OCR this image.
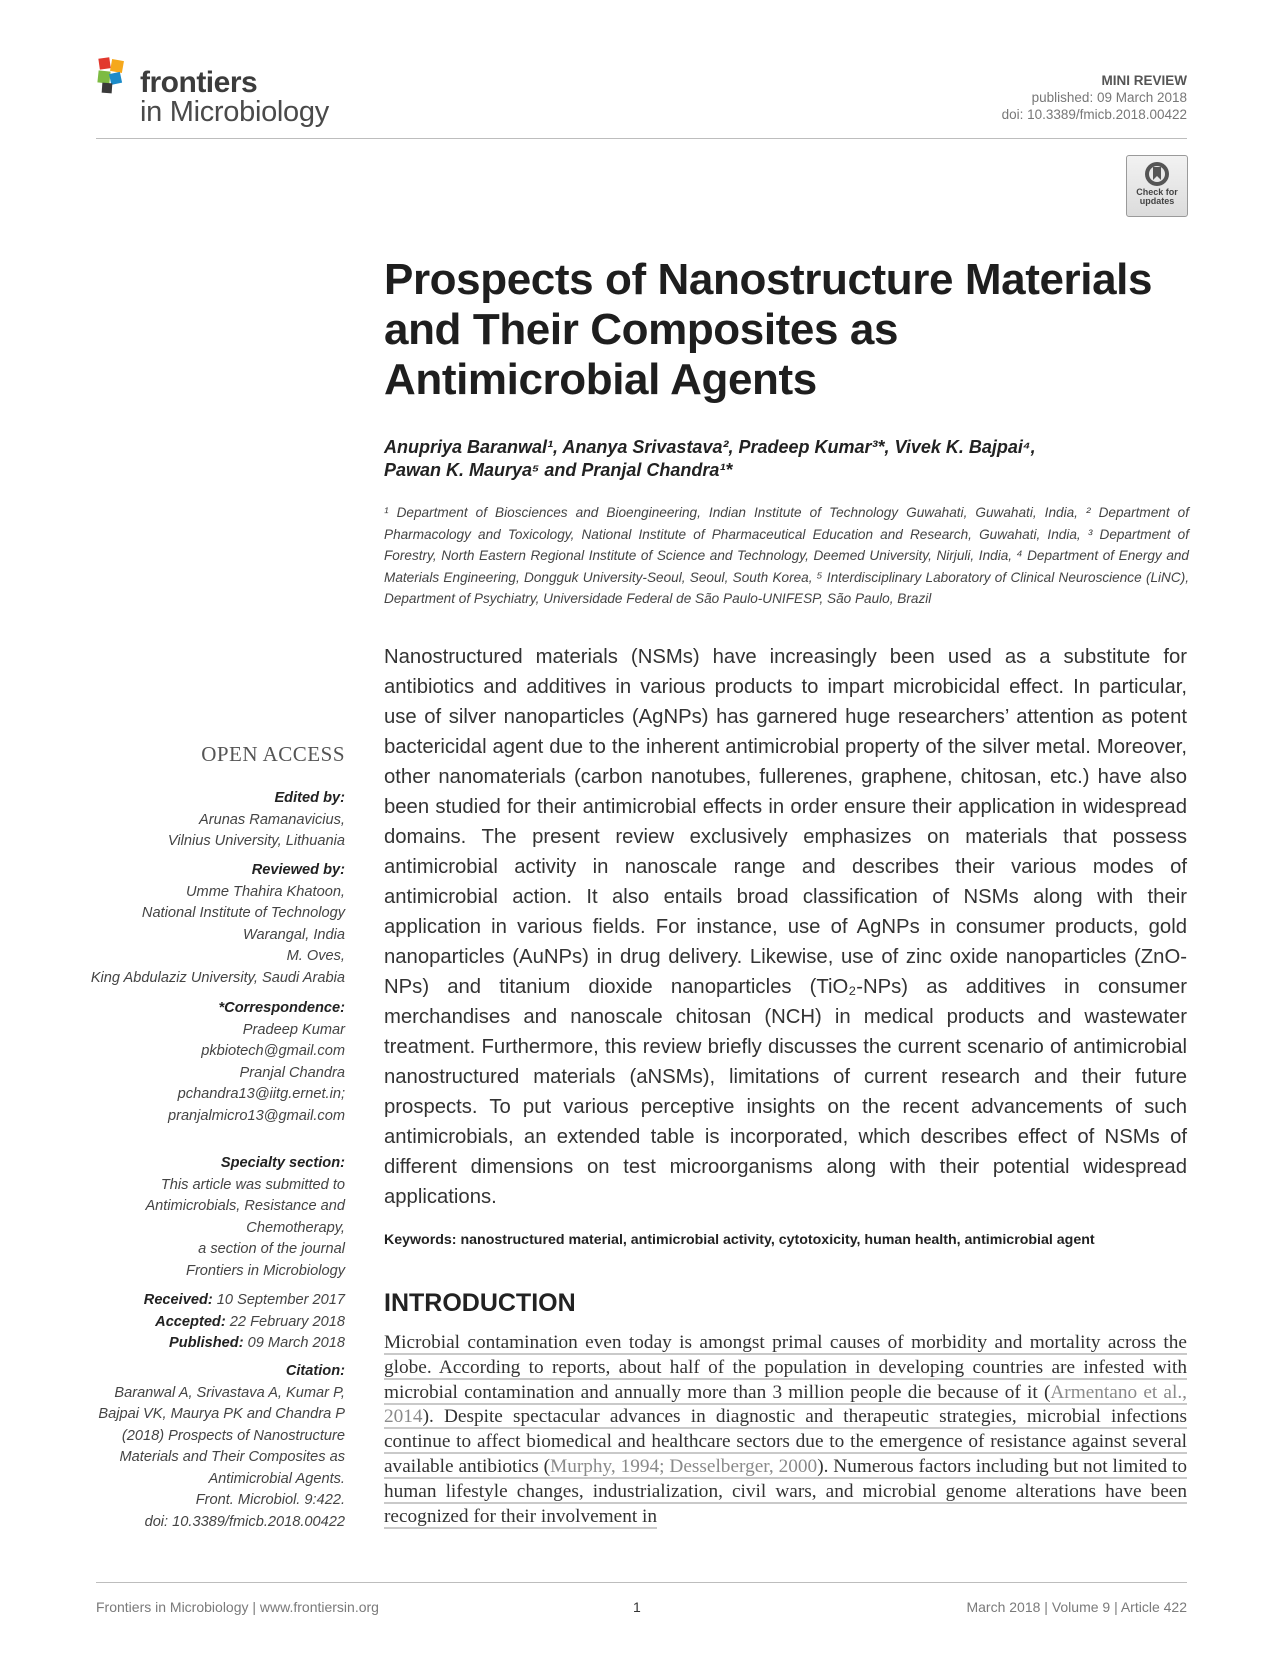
frontiers
in Microbiology
MINI REVIEW
published: 09 March 2018
doi: 10.3389/fmicb.2018.00422
Check for updates
Prospects of Nanostructure Materials and Their Composites as Antimicrobial Agents
Anupriya Baranwal¹, Ananya Srivastava², Pradeep Kumar³*, Vivek K. Bajpai⁴,
Pawan K. Maurya⁵ and Pranjal Chandra¹*
¹ Department of Biosciences and Bioengineering, Indian Institute of Technology Guwahati, Guwahati, India, ² Department of Pharmacology and Toxicology, National Institute of Pharmaceutical Education and Research, Guwahati, India, ³ Department of Forestry, North Eastern Regional Institute of Science and Technology, Deemed University, Nirjuli, India, ⁴ Department of Energy and Materials Engineering, Dongguk University-Seoul, Seoul, South Korea, ⁵ Interdisciplinary Laboratory of Clinical Neuroscience (LiNC), Department of Psychiatry, Universidade Federal de São Paulo-UNIFESP, São Paulo, Brazil
Nanostructured materials (NSMs) have increasingly been used as a substitute for antibiotics and additives in various products to impart microbicidal effect. In particular, use of silver nanoparticles (AgNPs) has garnered huge researchers’ attention as potent bactericidal agent due to the inherent antimicrobial property of the silver metal. Moreover, other nanomaterials (carbon nanotubes, fullerenes, graphene, chitosan, etc.) have also been studied for their antimicrobial effects in order ensure their application in widespread domains. The present review exclusively emphasizes on materials that possess antimicrobial activity in nanoscale range and describes their various modes of antimicrobial action. It also entails broad classification of NSMs along with their application in various fields. For instance, use of AgNPs in consumer products, gold nanoparticles (AuNPs) in drug delivery. Likewise, use of zinc oxide nanoparticles (ZnO-NPs) and titanium dioxide nanoparticles (TiO₂-NPs) as additives in consumer merchandises and nanoscale chitosan (NCH) in medical products and wastewater treatment. Furthermore, this review briefly discusses the current scenario of antimicrobial nanostructured materials (aNSMs), limitations of current research and their future prospects. To put various perceptive insights on the recent advancements of such antimicrobials, an extended table is incorporated, which describes effect of NSMs of different dimensions on test microorganisms along with their potential widespread applications.
Keywords: nanostructured material, antimicrobial activity, cytotoxicity, human health, antimicrobial agent
OPEN ACCESS

Edited by:

Arunas Ramanavicius,

Vilnius University, Lithuania

Reviewed by:

Umme Thahira Khatoon,

National Institute of Technology

Warangal, India

M. Oves,

King Abdulaziz University, Saudi Arabia

*Correspondence:

Pradeep Kumar

pkbiotech@gmail.com

Pranjal Chandra

pchandra13@iitg.ernet.in;

pranjalmicro13@gmail.com

Specialty section:

This article was submitted to

Antimicrobials, Resistance and

Chemotherapy,

a section of the journal

Frontiers in Microbiology

Received: 10 September 2017

Accepted: 22 February 2018

Published: 09 March 2018

Citation:

Baranwal A, Srivastava A, Kumar P,

Bajpai VK, Maurya PK and Chandra P

(2018) Prospects of Nanostructure

Materials and Their Composites as

Antimicrobial Agents.

Front. Microbiol. 9:422.

doi: 10.3389/fmicb.2018.00422

INTRODUCTION
Microbial contamination even today is amongst primal causes of morbidity and mortality across the globe. According to reports, about half of the population in developing countries are infested with microbial contamination and annually more than 3 million people die because of it (Armentano et al., 2014). Despite spectacular advances in diagnostic and therapeutic strategies, microbial infections continue to affect biomedical and healthcare sectors due to the emergence of resistance against several available antibiotics (Murphy, 1994; Desselberger, 2000). Numerous factors including but not limited to human lifestyle changes, industrialization, civil wars, and microbial genome alterations have been recognized for their involvement in
Frontiers in Microbiology | www.frontiersin.org	1	March 2018 | Volume 9 | Article 422
